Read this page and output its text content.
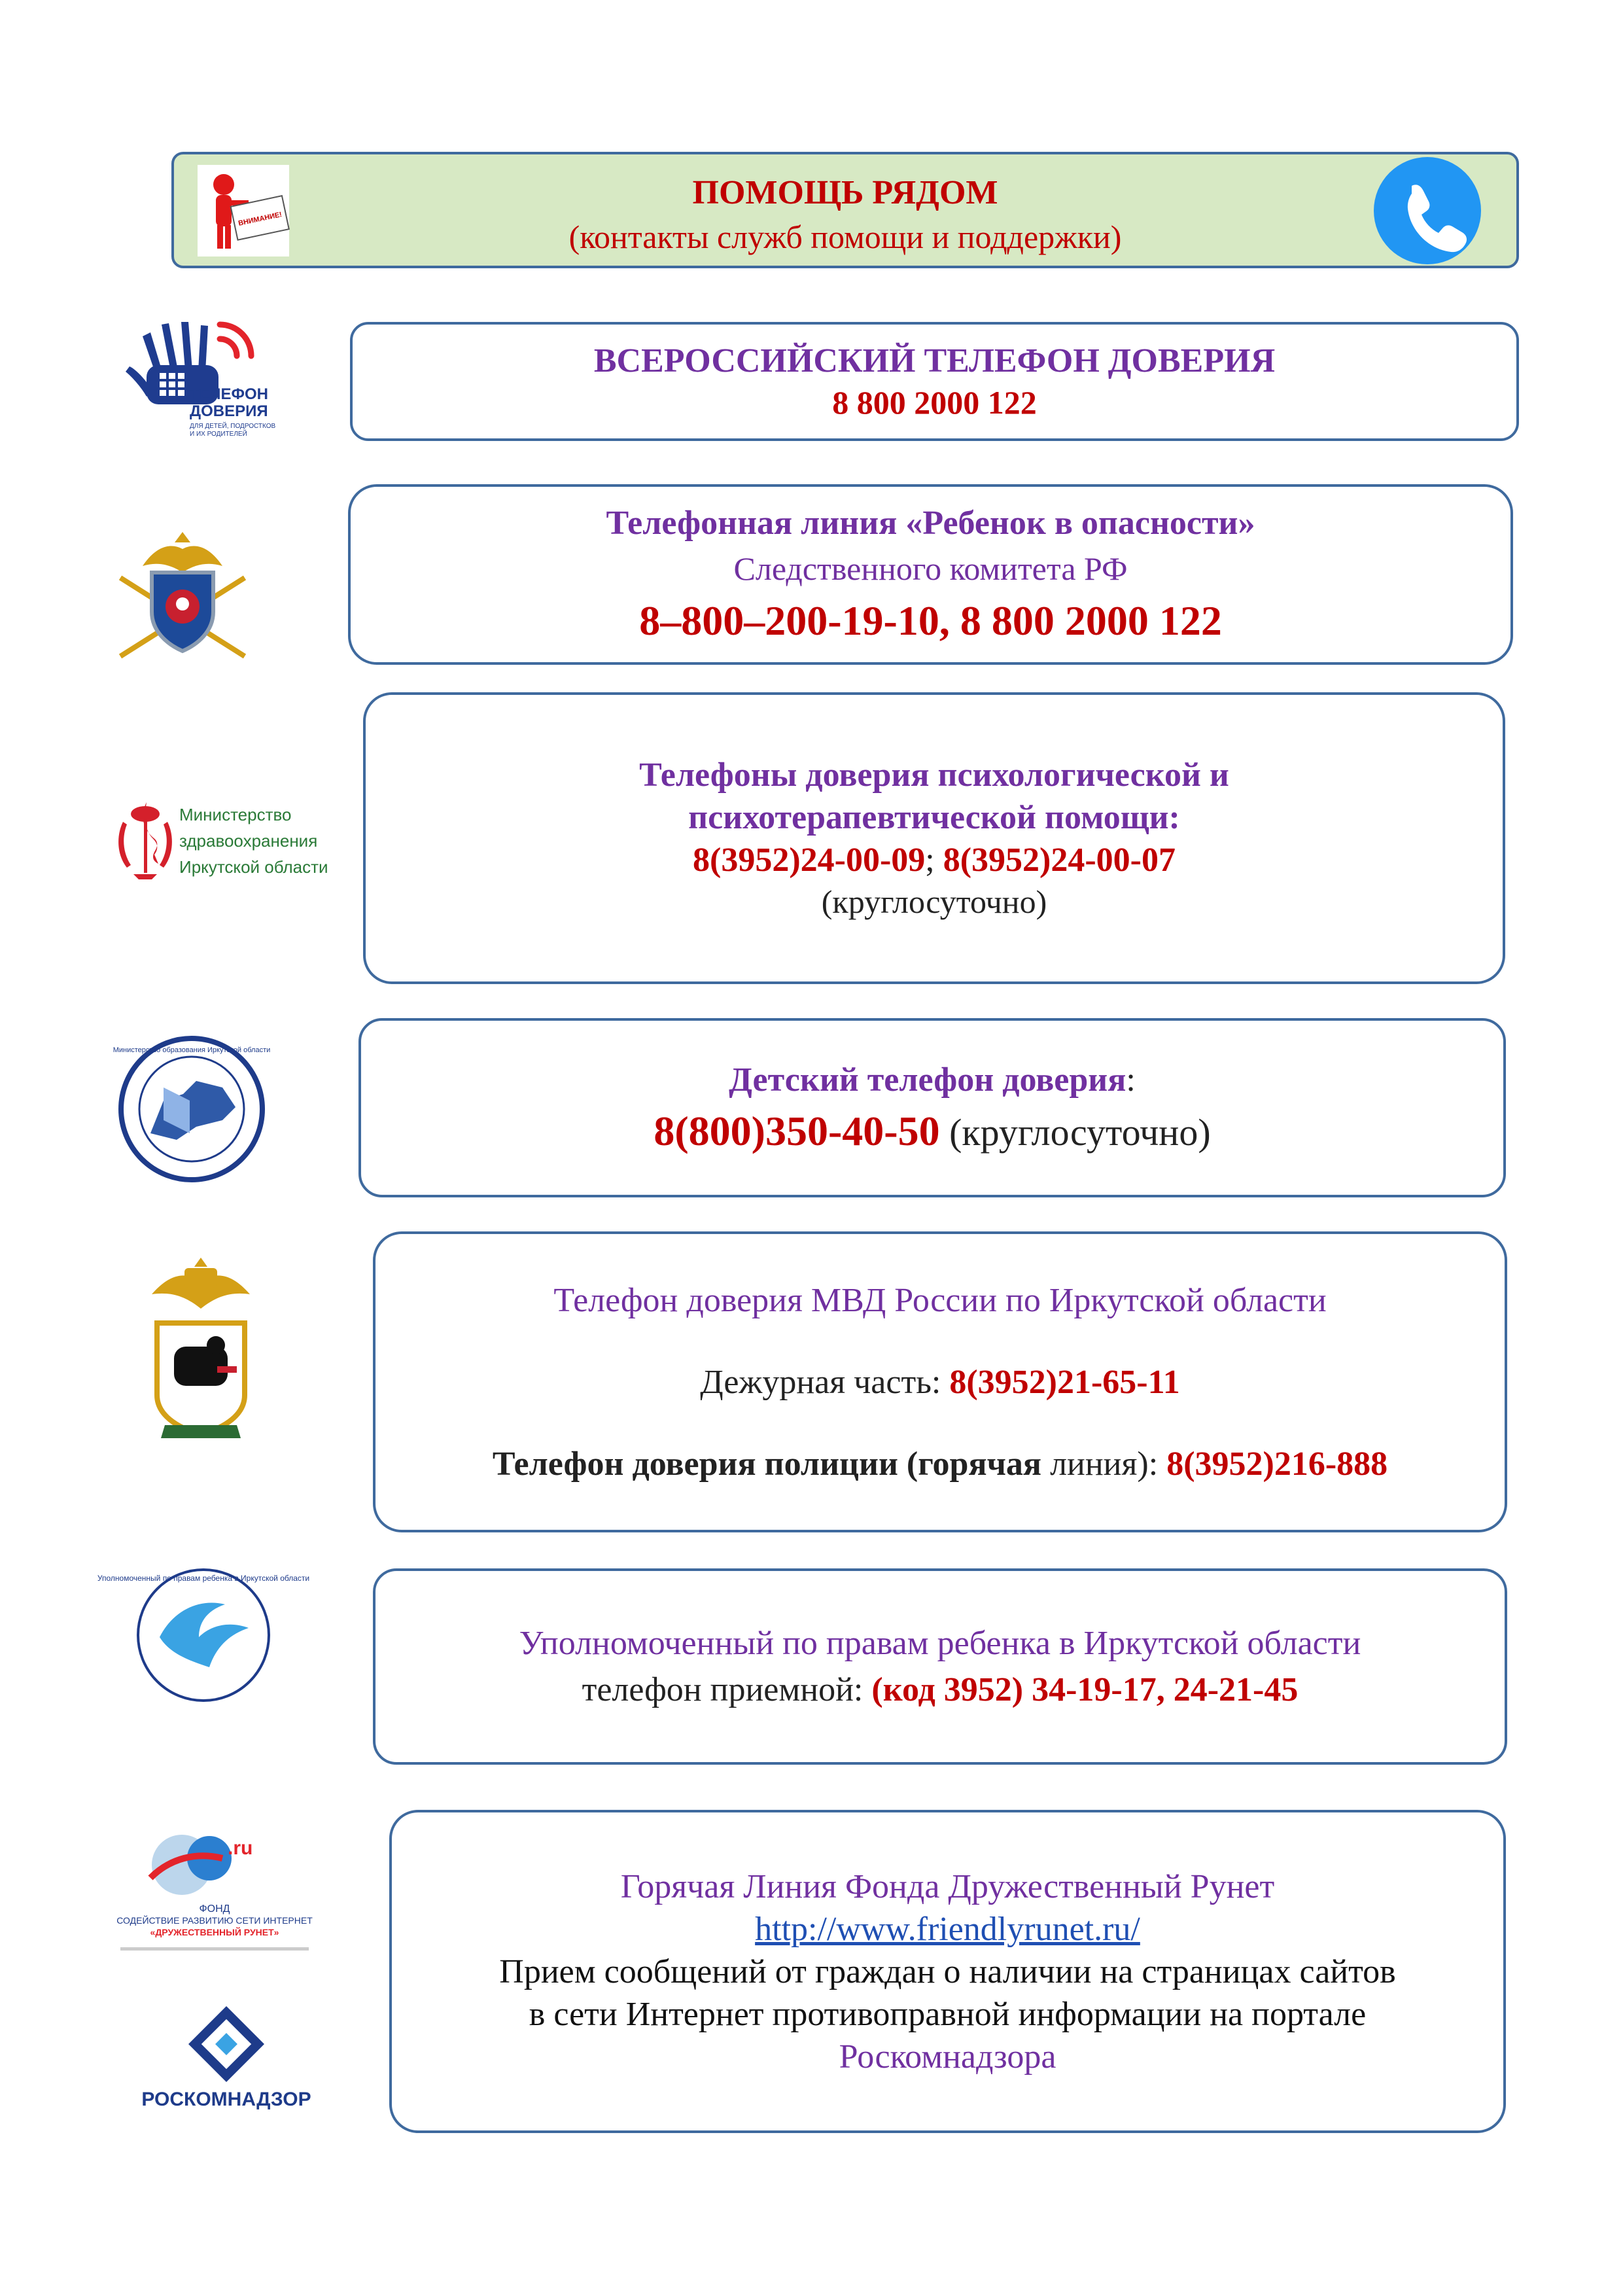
ВНИМАНИЕ!
ПОМОЩЬ РЯДОМ
(контакты служб помощи и поддержки)
ТЕЛЕФОН
ДОВЕРИЯ
ДЛЯ ДЕТЕЙ, ПОДРОСТКОВ
И ИХ РОДИТЕЛЕЙ
ВСЕРОССИЙСКИЙ ТЕЛЕФОН ДОВЕРИЯ
8 800 2000 122
Телефонная линия «Ребенок в опасности»
Следственного комитета РФ
8–800–200-19-10, 8 800 2000 122
Министерство
здравоохранения
Иркутской области
Телефоны доверия психологической и
психотерапевтической помощи:
8(3952)24-00-09; 8(3952)24-00-07
(круглосуточно)
Министерство образования Иркутской области
Детский телефон доверия:
8(800)350-40-50 (круглосуточно)
Телефон доверия МВД России по Иркутской области
Дежурная часть: 8(3952)21-65-11
Телефон доверия полиции (горячая линия): 8(3952)216-888
Уполномоченный по правам ребенка в Иркутской области
Уполномоченный по правам ребенка в Иркутской области
телефон приемной: (код 3952) 34-19-17, 24-21-45
.ru
ФОНД
СОДЕЙСТВИЕ РАЗВИТИЮ СЕТИ ИНТЕРНЕТ
«ДРУЖЕСТВЕННЫЙ РУНЕТ»
РОСКОМНАДЗОР
Горячая Линия Фонда Дружественный Рунет
http://www.friendlyrunet.ru/
Прием сообщений от граждан о наличии на страницах сайтов
в сети Интернет противоправной информации на портале
Роскомнадзора
